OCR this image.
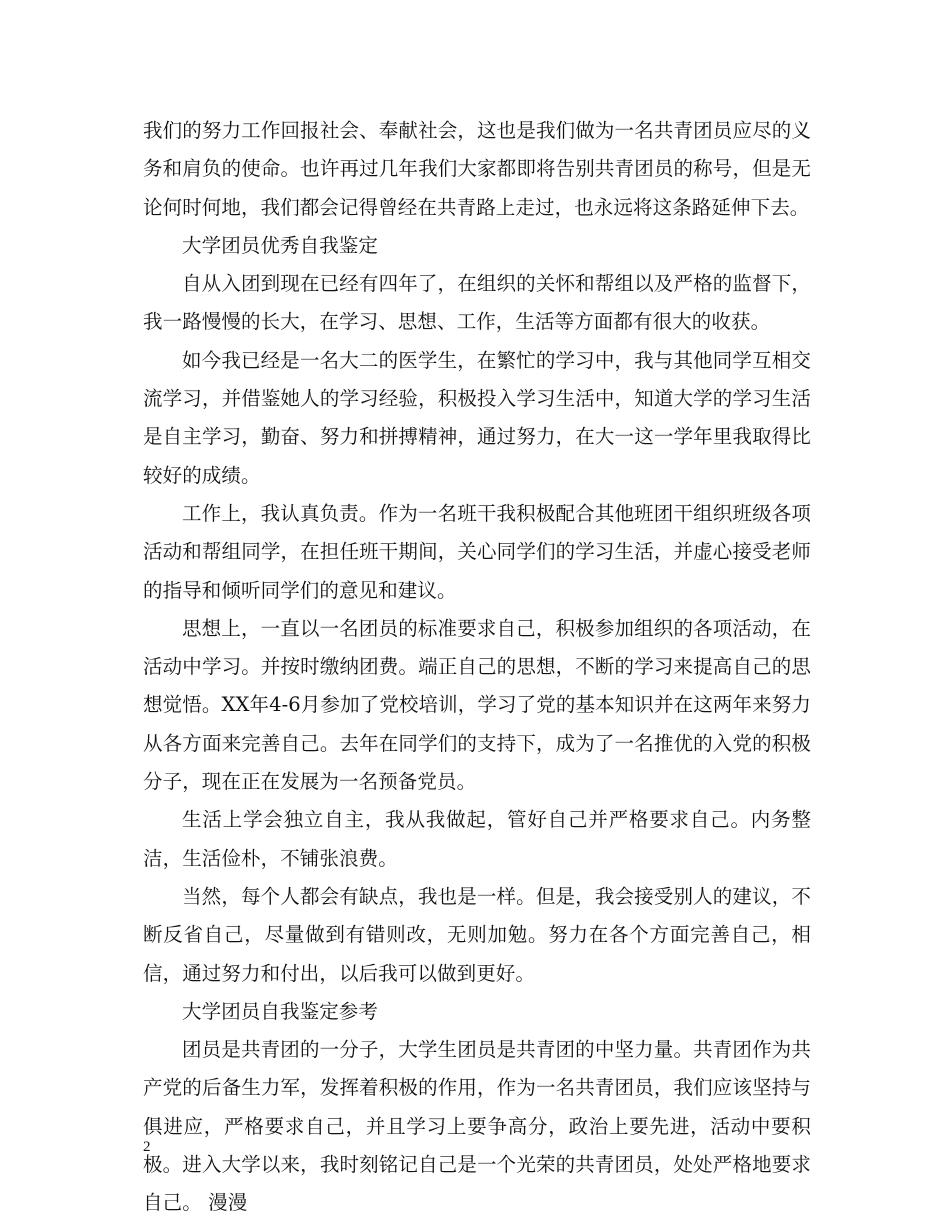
我们的努力工作回报社会、奉献社会，这也是我们做为一名共青团员应尽的义务和肩负的使命。也许再过几年我们大家都即将告别共青团员的称号，但是无论何时何地，我们都会记得曾经在共青路上走过，也永远将这条路延伸下去。

大学团员优秀自我鉴定

自从入团到现在已经有四年了，在组织的关怀和帮组以及严格的监督下，我一路慢慢的长大，在学习、思想、工作，生活等方面都有很大的收获。

如今我已经是一名大二的医学生，在繁忙的学习中，我与其他同学互相交流学习，并借鉴她人的学习经验，积极投入学习生活中，知道大学的学习生活是自主学习，勤奋、努力和拼搏精神，通过努力，在大一这一学年里我取得比较好的成绩。

工作上，我认真负责。作为一名班干我积极配合其他班团干组织班级各项活动和帮组同学，在担任班干期间，关心同学们的学习生活，并虚心接受老师的指导和倾听同学们的意见和建议。

思想上，一直以一名团员的标准要求自己，积极参加组织的各项活动，在活动中学习。并按时缴纳团费。端正自己的思想，不断的学习来提高自己的思想觉悟。XX年4-6月参加了党校培训，学习了党的基本知识并在这两年来努力从各方面来完善自己。去年在同学们的支持下，成为了一名推优的入党的积极分子，现在正在发展为一名预备党员。

生活上学会独立自主，我从我做起，管好自己并严格要求自己。内务整洁，生活俭朴，不铺张浪费。

当然，每个人都会有缺点，我也是一样。但是，我会接受别人的建议，不断反省自己，尽量做到有错则改，无则加勉。努力在各个方面完善自己，相信，通过努力和付出，以后我可以做到更好。

大学团员自我鉴定参考

团员是共青团的一分子，大学生团员是共青团的中坚力量。共青团作为共产党的后备生力军，发挥着积极的作用，作为一名共青团员，我们应该坚持与俱进应，严格要求自己，并且学习上要争高分，政治上要先进，活动中要积极。进入大学以来，我时刻铭记自己是一个光荣的共青团员，处处严格地要求自己。 漫漫

2
